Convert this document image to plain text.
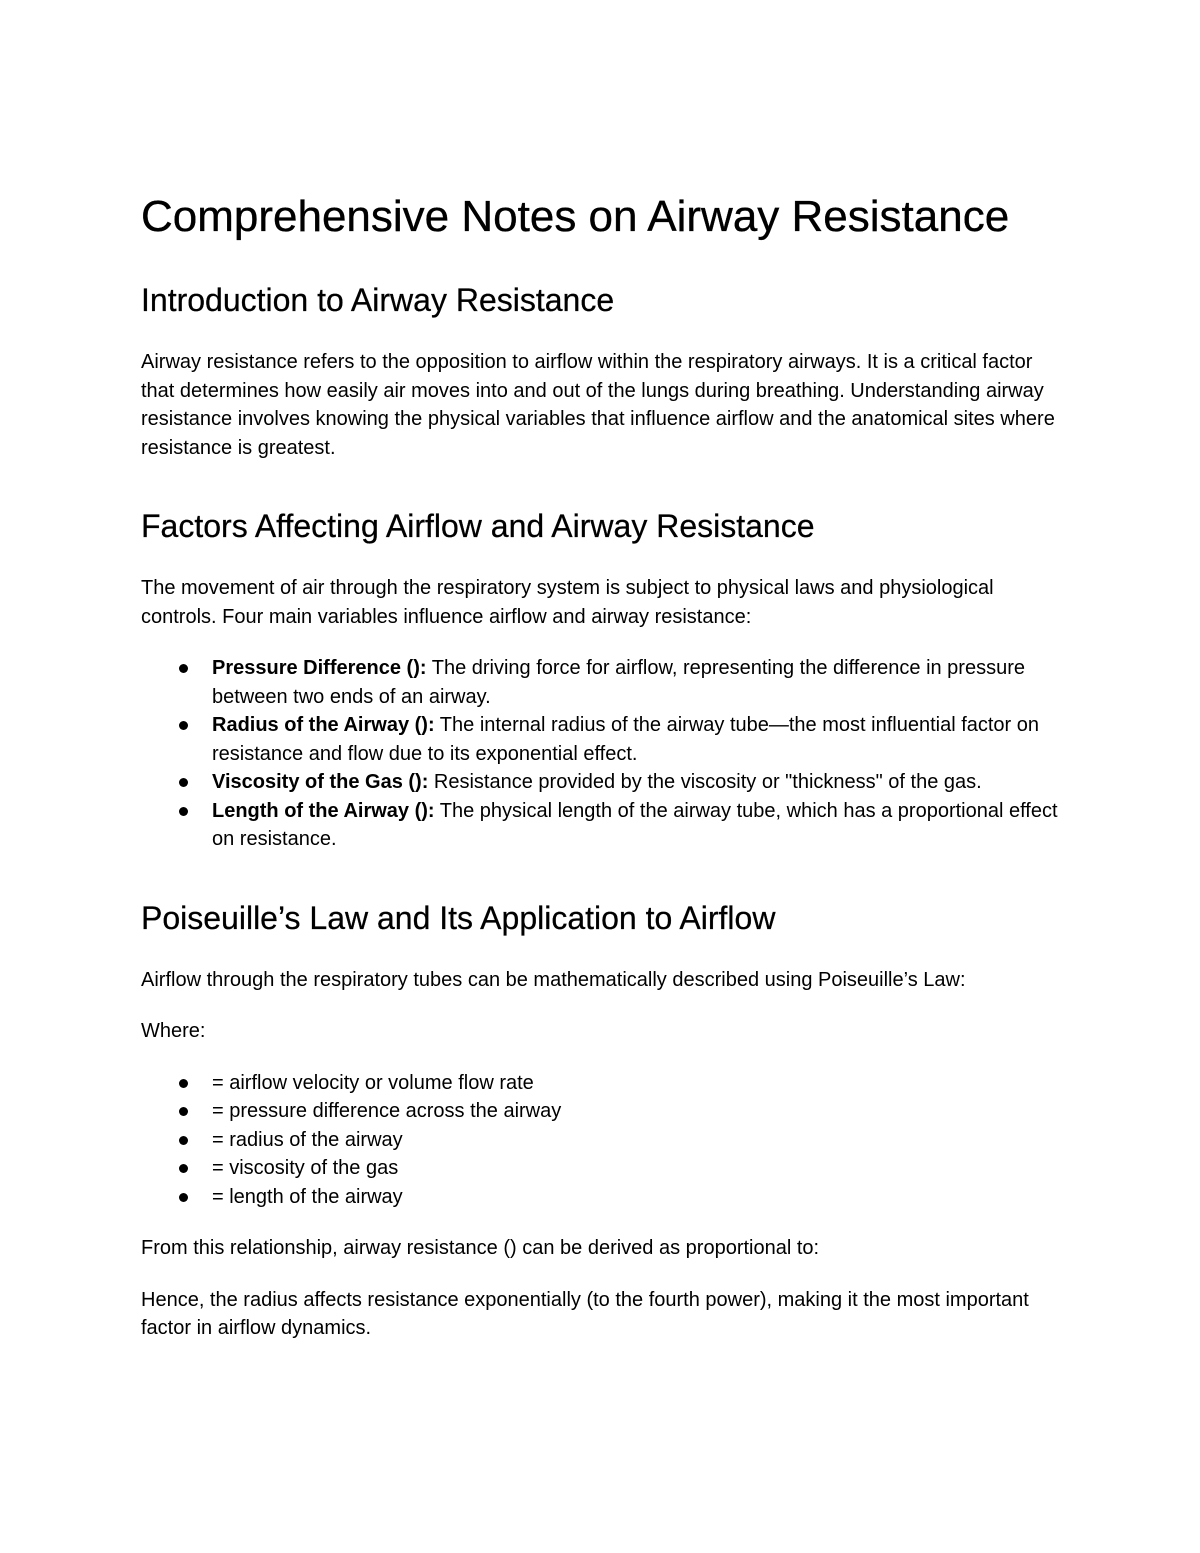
Comprehensive Notes on Airway Resistance
Introduction to Airway Resistance

Airway resistance refers to the opposition to airflow within the respiratory airways. It is a critical factor that determines how easily air moves into and out of the lungs during breathing. Understanding airway resistance involves knowing the physical variables that influence airflow and the anatomical sites where resistance is greatest.

Factors Affecting Airflow and Airway Resistance

The movement of air through the respiratory system is subject to physical laws and physiological controls. Four main variables influence airflow and airway resistance:

Pressure Difference (): The driving force for airflow, representing the difference in pressure between two ends of an airway.
Radius of the Airway (): The internal radius of the airway tube—the most influential factor on resistance and flow due to its exponential effect.
Viscosity of the Gas (): Resistance provided by the viscosity or "thickness" of the gas.
Length of the Airway (): The physical length of the airway tube, which has a proportional effect on resistance.
Poiseuille’s Law and Its Application to Airflow

Airflow through the respiratory tubes can be mathematically described using Poiseuille’s Law:

Where:

= airflow velocity or volume flow rate
= pressure difference across the airway
= radius of the airway
= viscosity of the gas
= length of the airway

From this relationship, airway resistance () can be derived as proportional to:

Hence, the radius affects resistance exponentially (to the fourth power), making it the most important factor in airflow dynamics.
